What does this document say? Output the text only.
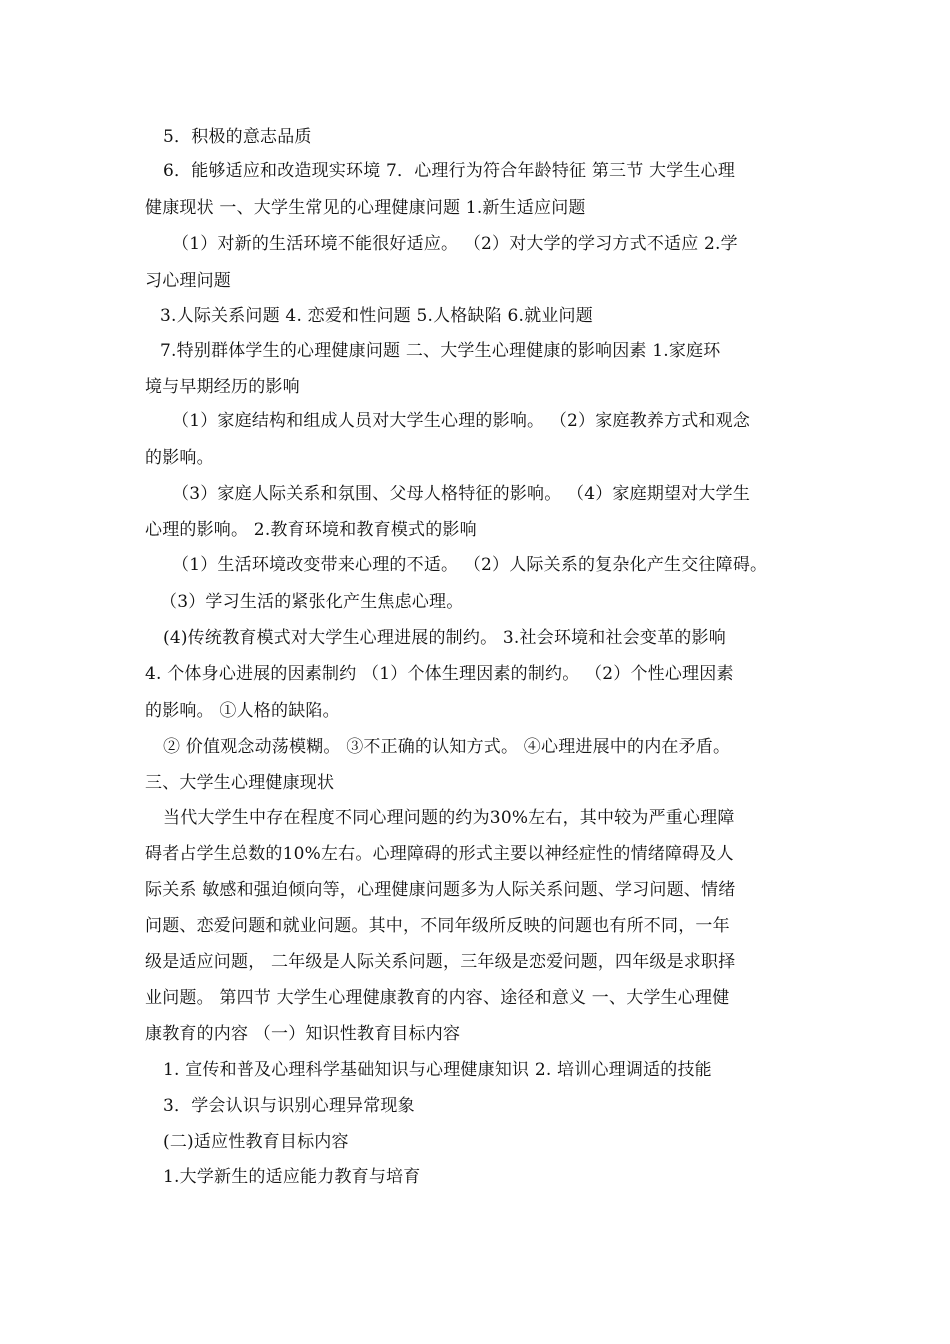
5．积极的意志品质
6．能够适应和改造现实环境 7．心理行为符合年龄特征 第三节 大学生心理
健康现状 一、大学生常见的心理健康问题 1.新生适应问题
（1）对新的生活环境不能很好适应。 （2）对大学的学习方式不适应 2.学
习心理问题
3.人际关系问题 4. 恋爱和性问题 5.人格缺陷 6.就业问题
7.特别群体学生的心理健康问题 二、大学生心理健康的影响因素 1.家庭环
境与早期经历的影响
（1）家庭结构和组成人员对大学生心理的影响。 （2）家庭教养方式和观念
的影响。
（3）家庭人际关系和氛围、父母人格特征的影响。 （4）家庭期望对大学生
心理的影响。 2.教育环境和教育模式的影响
（1）生活环境改变带来心理的不适。 （2）人际关系的复杂化产生交往障碍。
（3）学习生活的紧张化产生焦虑心理。
(4)传统教育模式对大学生心理进展的制约。 3.社会环境和社会变革的影响
4. 个体身心进展的因素制约 （1）个体生理因素的制约。 （2）个性心理因素
的影响。 ①人格的缺陷。
② 价值观念动荡模糊。 ③不正确的认知方式。 ④心理进展中的内在矛盾。
三、大学生心理健康现状
当代大学生中存在程度不同心理问题的约为30%左右，其中较为严重心理障
碍者占学生总数的10%左右。心理障碍的形式主要以神经症性的情绪障碍及人
际关系 敏感和强迫倾向等，心理健康问题多为人际关系问题、学习问题、情绪
问题、恋爱问题和就业问题。其中，不同年级所反映的问题也有所不同，一年
级是适应问题， 二年级是人际关系问题，三年级是恋爱问题，四年级是求职择
业问题。 第四节 大学生心理健康教育的内容、途径和意义 一、大学生心理健
康教育的内容 （一）知识性教育目标内容
1. 宣传和普及心理科学基础知识与心理健康知识 2. 培训心理调适的技能
3．学会认识与识别心理异常现象
(二)适应性教育目标内容
1.大学新生的适应能力教育与培育
